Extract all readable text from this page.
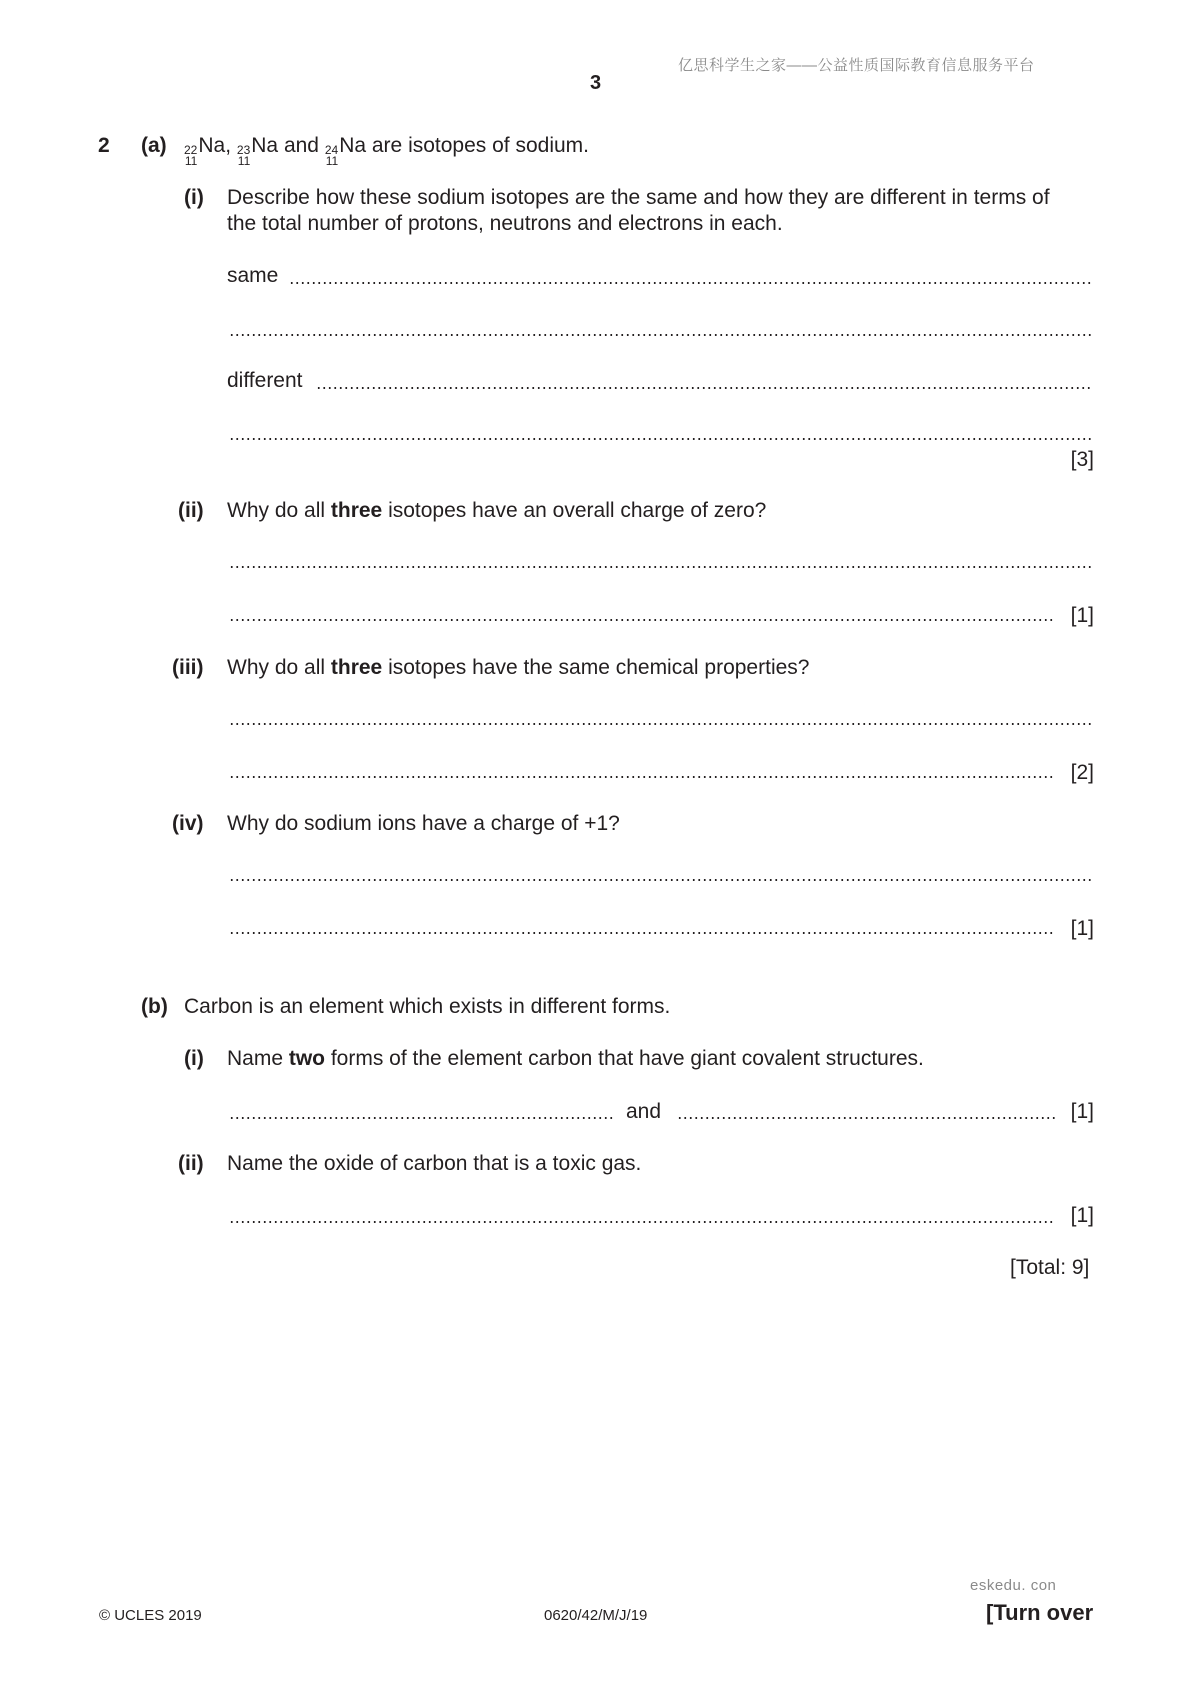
亿思科学生之家——公益性质国际教育信息服务平台
3
2 (a) 22
11
Na, 23
11
Na and 24
11
Na are isotopes of sodium.
(i) Describe how these sodium isotopes are the same and how they are different in terms of
the total number of protons, neutrons and electrons in each.
same
different
[3]
(ii) Why do all three isotopes have an overall charge of zero?
[1]
(iii) Why do all three isotopes have the same chemical properties?
[2]
(iv) Why do sodium ions have a charge of +1?
[1]
(b) Carbon is an element which exists in different forms.
(i) Name two forms of the element carbon that have giant covalent structures.
and	[1]
(ii) Name the oxide of carbon that is a toxic gas.
[1]
[Total: 9]
eskedu. con
© UCLES 2019	0620/42/M/J/19	[Turn over
